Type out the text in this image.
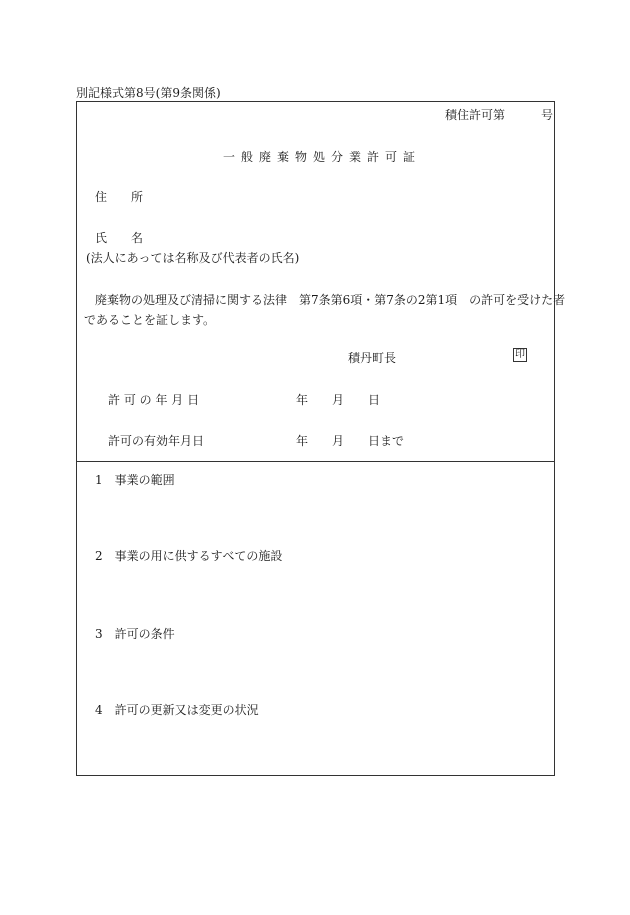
別記様式第8号(第9条関係)
積住許可第　　　号
一般廃棄物処分業許可証
住　　所
氏　　名
(法人にあっては名称及び代表者の氏名)
廃棄物の処理及び清掃に関する法律　第7条第6項・第7条の2第1項　の許可を受けた者
であることを証します。
積丹町長	印
許 可 の 年 月 日	年　　月　　日
許可の有効年月日	年　　月　　日まで
1　事業の範囲
2　事業の用に供するすべての施設
3　許可の条件
4　許可の更新又は変更の状況
